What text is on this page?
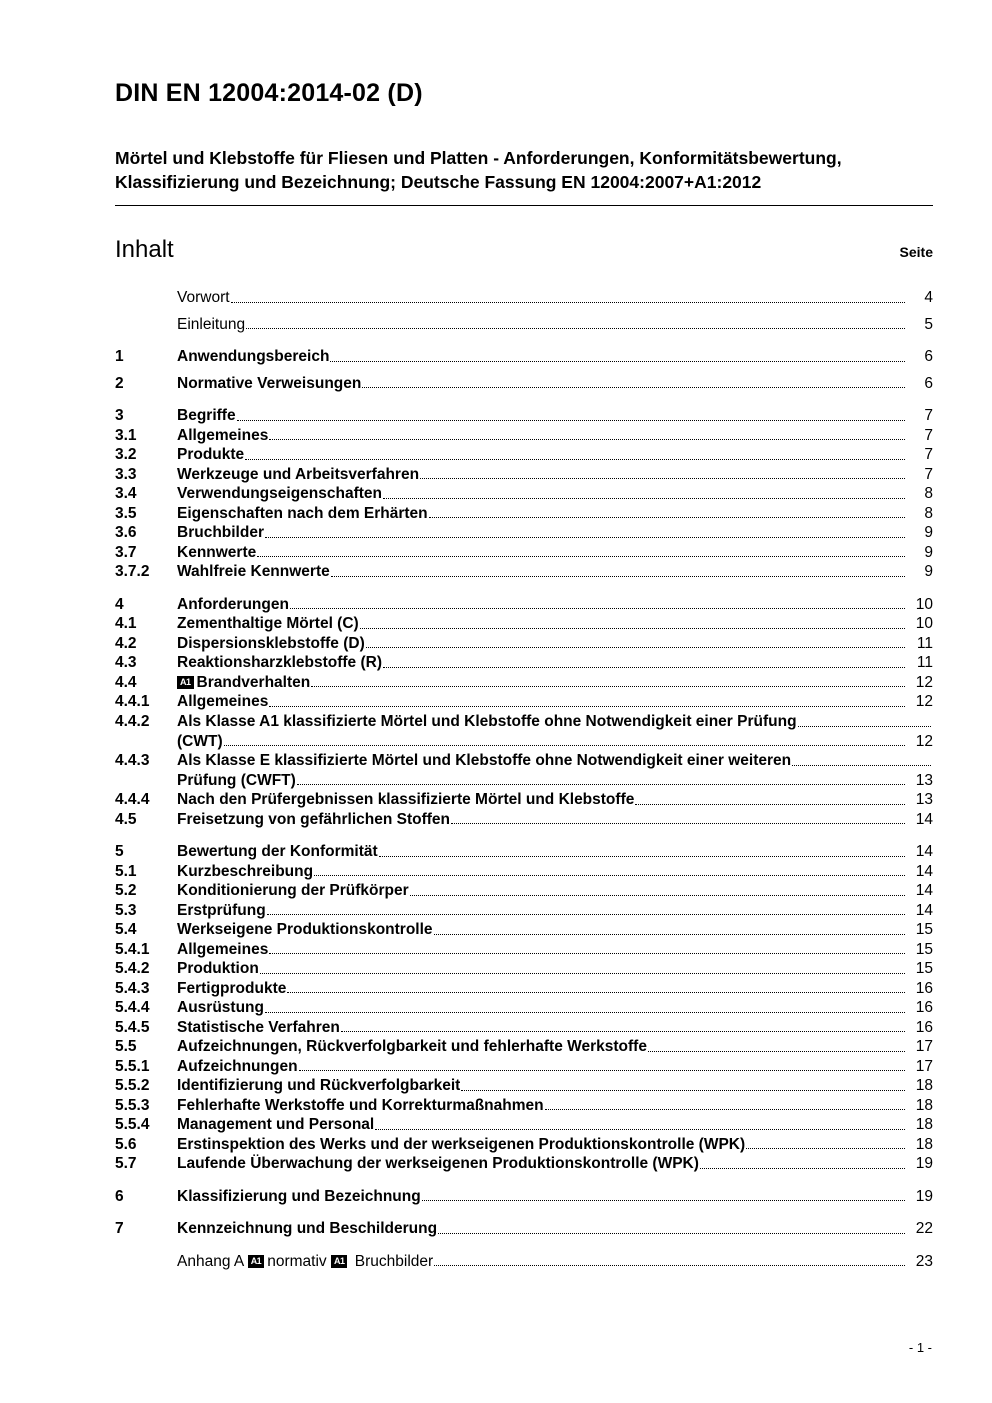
DIN EN 12004:2014-02 (D)
Mörtel und Klebstoffe für Fliesen und Platten - Anforderungen, Konformitätsbewertung, Klassifizierung und Bezeichnung; Deutsche Fassung EN 12004:2007+A1:2012
Inhalt	Seite
Vorwort	4
Einleitung	5
1	Anwendungsbereich	6
2	Normative Verweisungen	6
3	Begriffe	7
3.1	Allgemeines	7
3.2	Produkte	7
3.3	Werkzeuge und Arbeitsverfahren	7
3.4	Verwendungseigenschaften	8
3.5	Eigenschaften nach dem Erhärten	8
3.6	Bruchbilder	9
3.7	Kennwerte	9
3.7.2	Wahlfreie Kennwerte	9
4	Anforderungen	10
4.1	Zementhaltige Mörtel (C)	10
4.2	Dispersionsklebstoffe (D)	11
4.3	Reaktionsharzklebstoffe (R)	11
4.4	A1 Brandverhalten	12
4.4.1	Allgemeines	12
4.4.2	Als Klasse A1 klassifizierte Mörtel und Klebstoffe ohne Notwendigkeit einer Prüfung
(CWT)	12
4.4.3	Als Klasse E klassifizierte Mörtel und Klebstoffe ohne Notwendigkeit einer weiteren
Prüfung (CWFT)	13
4.4.4	Nach den Prüfergebnissen klassifizierte Mörtel und Klebstoffe	13
4.5	Freisetzung von gefährlichen Stoffen	14
5	Bewertung der Konformität	14
5.1	Kurzbeschreibung	14
5.2	Konditionierung der Prüfkörper	14
5.3	Erstprüfung	14
5.4	Werkseigene Produktionskontrolle	15
5.4.1	Allgemeines	15
5.4.2	Produktion	15
5.4.3	Fertigprodukte	16
5.4.4	Ausrüstung	16
5.4.5	Statistische Verfahren	16
5.5	Aufzeichnungen, Rückverfolgbarkeit und fehlerhafte Werkstoffe	17
5.5.1	Aufzeichnungen	17
5.5.2	Identifizierung und Rückverfolgbarkeit	18
5.5.3	Fehlerhafte Werkstoffe und Korrekturmaßnahmen	18
5.5.4	Management und Personal	18
5.6	Erstinspektion des Werks und der werkseigenen Produktionskontrolle (WPK)	18
5.7	Laufende Überwachung der werkseigenen Produktionskontrolle (WPK)	19
6	Klassifizierung und Bezeichnung	19
7	Kennzeichnung und Beschilderung	22
Anhang A A1 normativ A1 Bruchbilder	23
- 1 -
